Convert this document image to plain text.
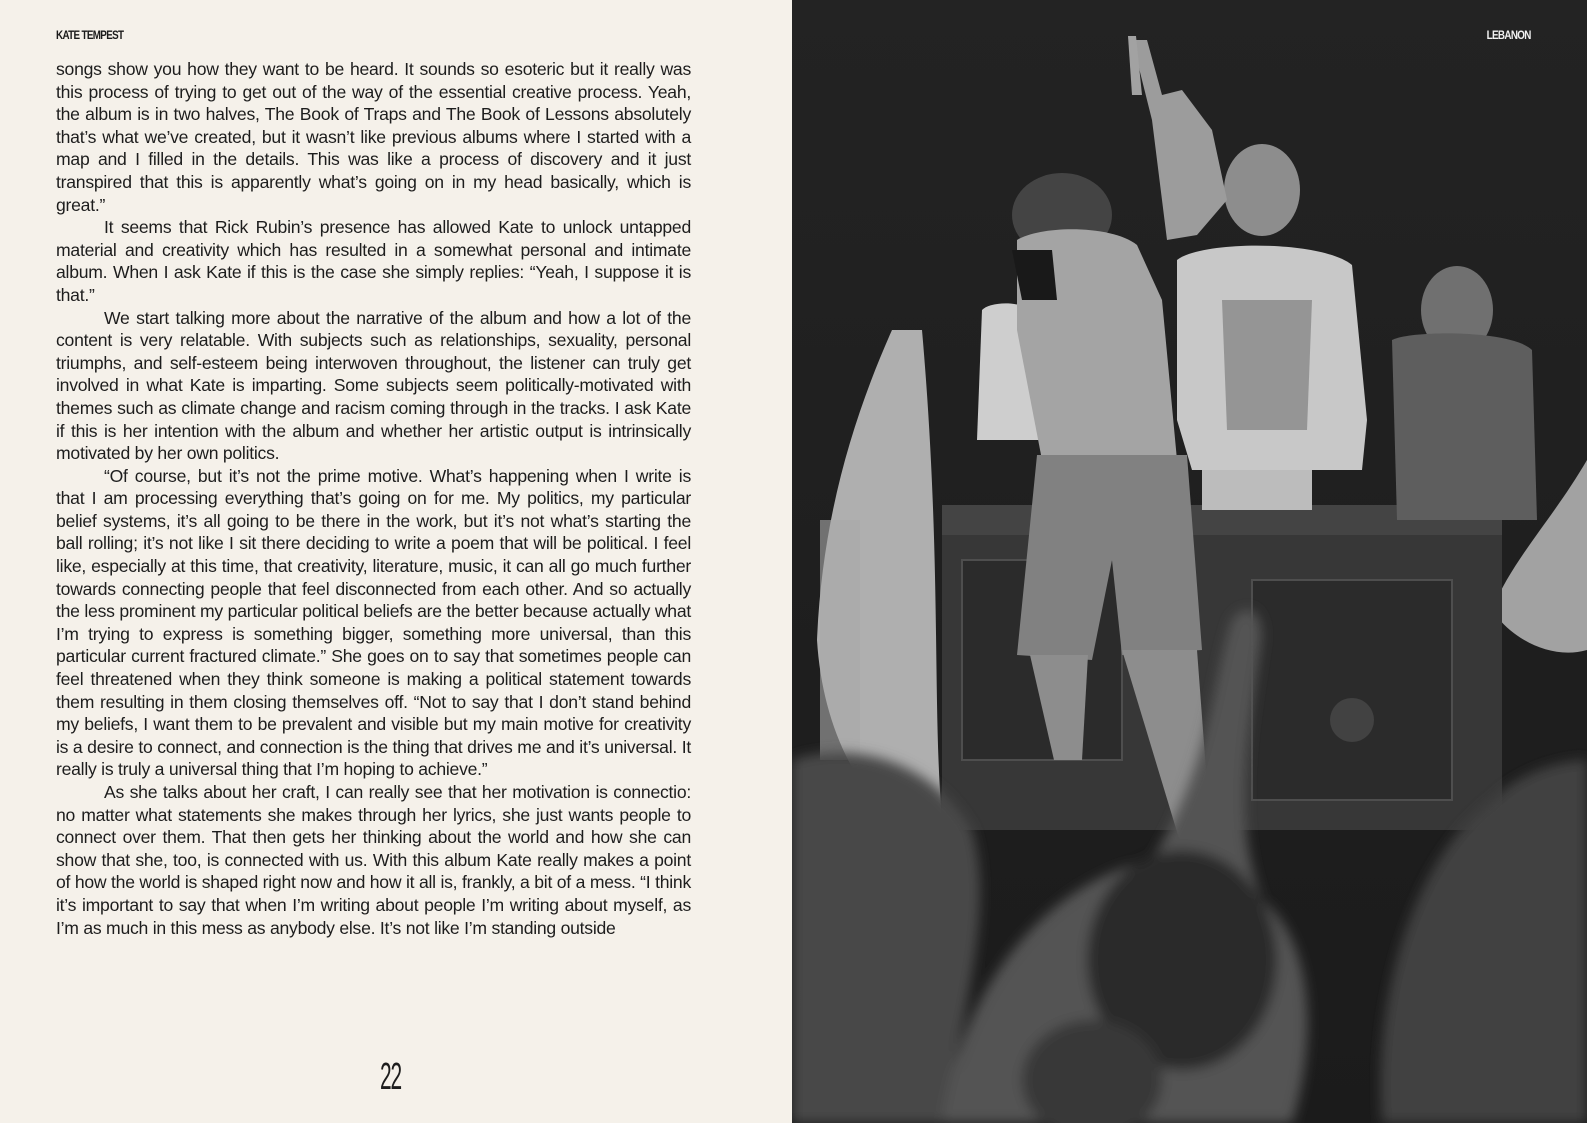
KATE TEMPEST

songs show you how they want to be heard. It sounds so esoteric but it really was this process of trying to get out of the way of the essential creative process. Yeah, the album is in two halves, The Book of Traps and The Book of Lessons absolutely that’s what we’ve created, but it wasn’t like previous albums where I started with a map and I filled in the details. This was like a process of discovery and it just transpired that this is apparently what’s going on in my head basically, which is great.”

It seems that Rick Rubin’s presence has allowed Kate to unlock untapped material and creativity which has resulted in a somewhat personal and intimate album. When I ask Kate if this is the case she simply replies: “Yeah, I suppose it is that.”

We start talking more about the narrative of the album and how a lot of the content is very relatable. With subjects such as relationships, sexuality, personal triumphs, and self-esteem being interwoven throughout, the listener can truly get involved in what Kate is imparting. Some subjects seem politically-motivated with themes such as climate change and racism coming through in the tracks. I ask Kate if this is her intention with the album and whether her artistic output is intrinsically motivated by her own politics.

“Of course, but it’s not the prime motive. What’s happening when I write is that I am processing everything that’s going on for me. My politics, my particular belief systems, it’s all going to be there in the work, but it’s not what’s starting the ball rolling; it’s not like I sit there deciding to write a poem that will be political. I feel like, especially at this time, that creativity, literature, music, it can all go much further towards connecting people that feel disconnected from each other. And so actually the less prominent my particular political beliefs are the better because actually what I’m trying to express is something bigger, something more universal, than this particular current fractured climate.” She goes on to say that sometimes people can feel threatened when they think someone is making a political statement towards them resulting in them closing themselves off. “Not to say that I don’t stand behind my beliefs, I want them to be prevalent and visible but my main motive for creativity is a desire to connect, and connection is the thing that drives me and it’s universal. It really is truly a universal thing that I’m hoping to achieve.”

As she talks about her craft, I can really see that her motivation is connectio: no matter what statements she makes through her lyrics, she just wants people to connect over them. That then gets her thinking about the world and how she can show that she, too, is connected with us. With this album Kate really makes a point of how the world is shaped right now and how it all is, frankly, a bit of a mess. “I think it’s important to say that when I’m writing about people I’m writing about myself, as I’m as much in this mess as anybody else. It’s not like I’m standing outside

22
LEBANON
